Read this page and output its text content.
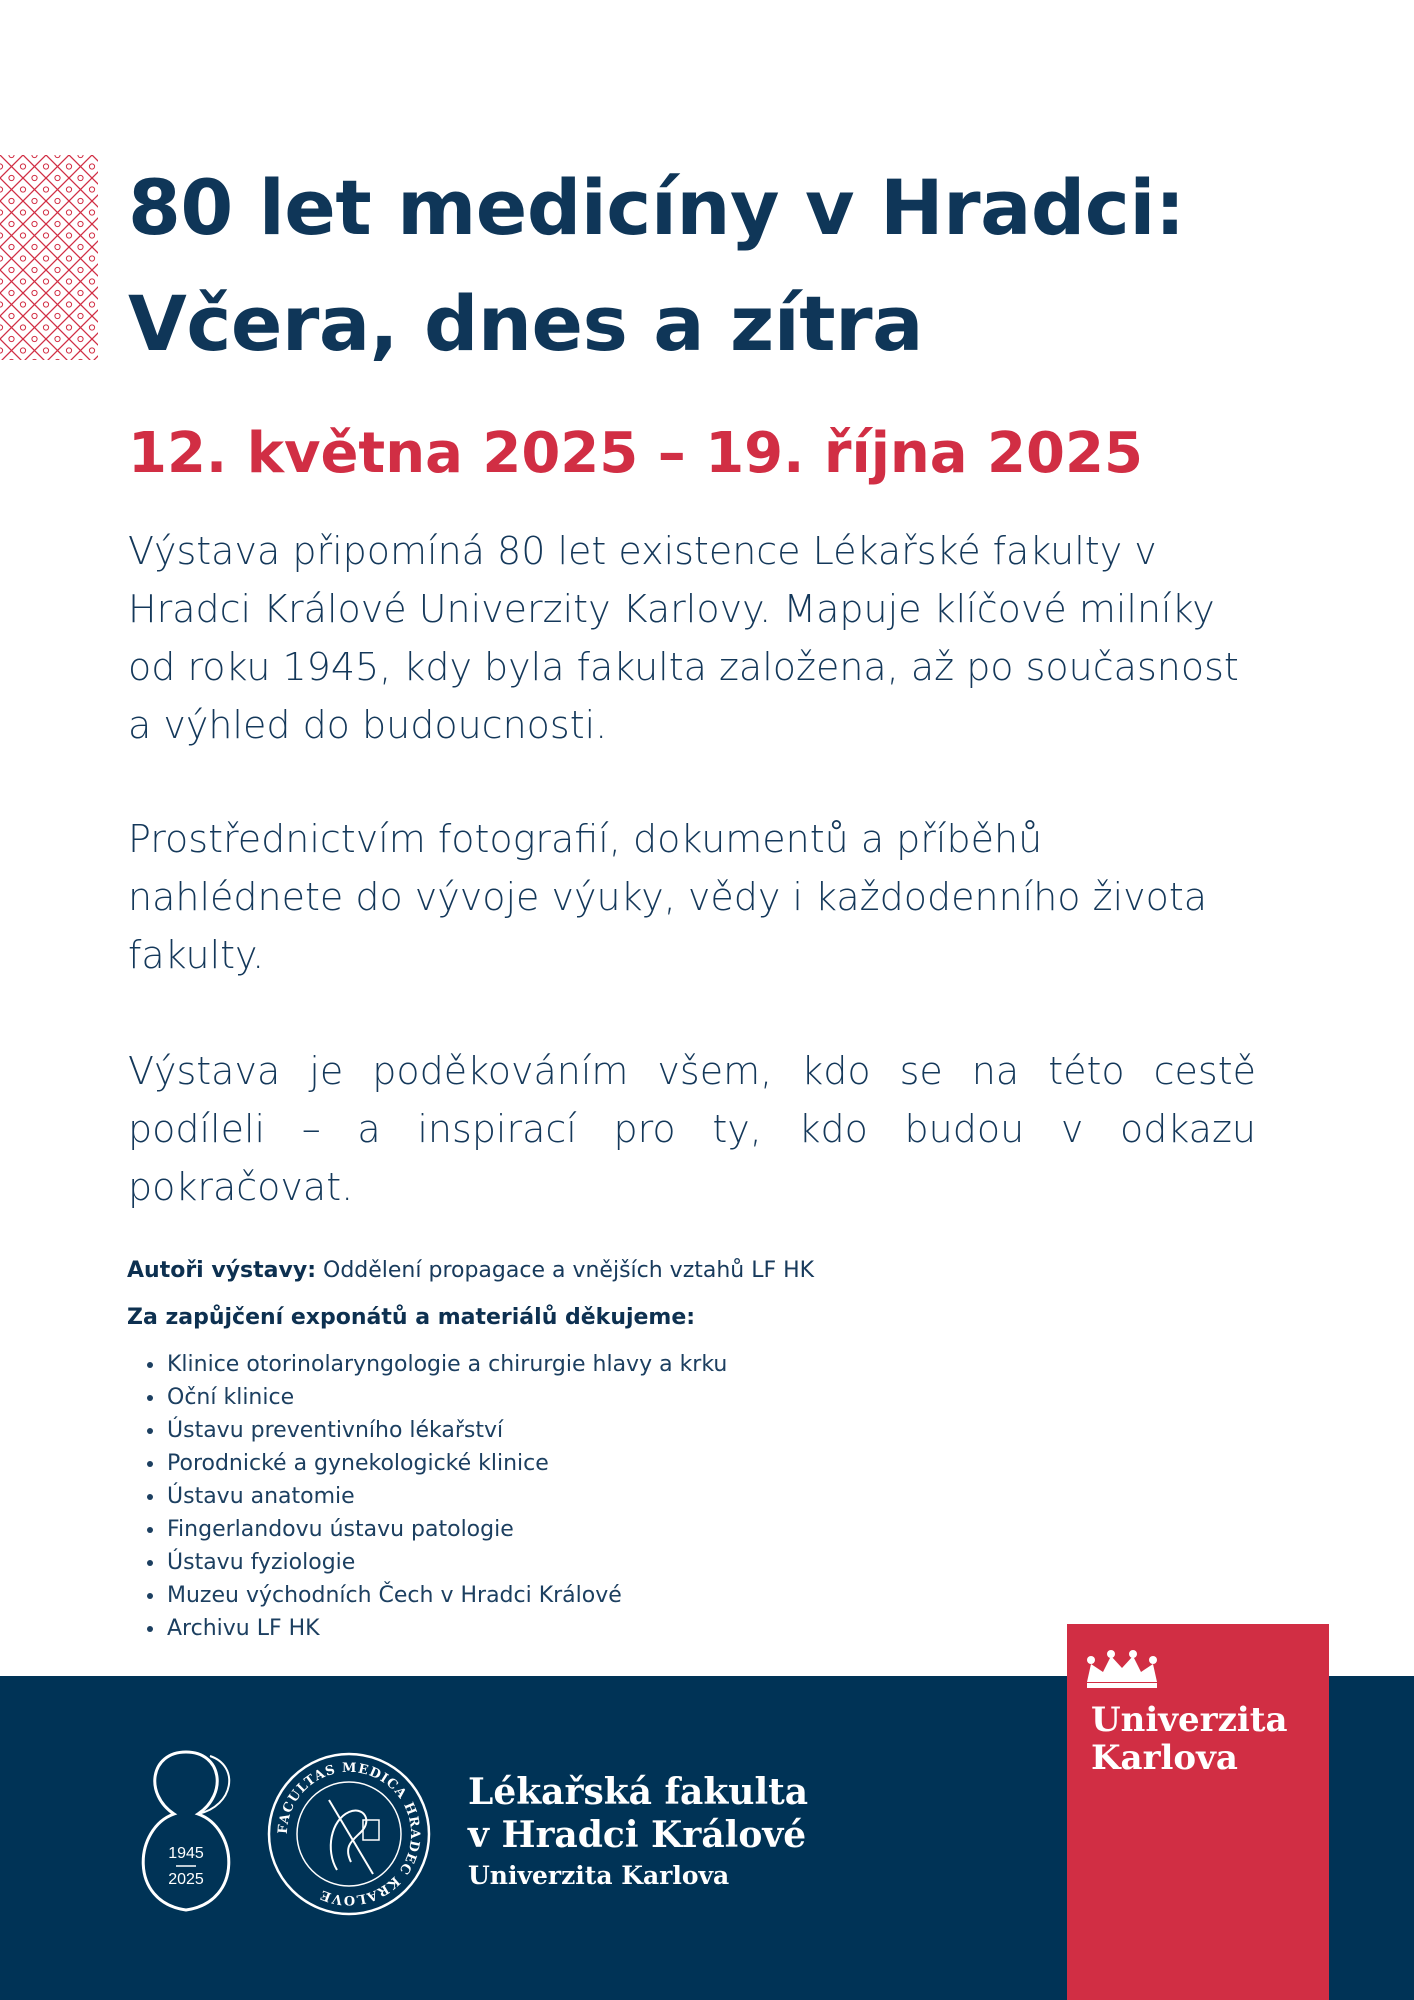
80 let medicíny v Hradci:
Včera, dnes a zítra

12. května 2025 – 19. října 2025

Výstava připomíná 80 let existence Lékařské fakulty v Hradci Králové Univerzity Karlovy. Mapuje klíčové milníky od roku 1945, kdy byla fakulta založena, až po současnost a výhled do budoucnosti.

Prostřednictvím fotografií, dokumentů a příběhů nahlédnete do vývoje výuky, vědy i každodenního života fakulty.

Výstava je poděkováním všem, kdo se na této cestě podíleli – a inspirací pro ty, kdo budou v odkazu pokračovat.

Autoři výstavy: Oddělení propagace a vnějších vztahů LF HK

Za zapůjčení exponátů a materiálů děkujeme:

Klinice otorinolaryngologie a chirurgie hlavy a krku
Oční klinice
Ústavu preventivního lékařství
Porodnické a gynekologické klinice
Ústavu anatomie
Fingerlandovu ústavu patologie
Ústavu fyziologie
Muzeu východních Čech v Hradci Králové
Archivu LF HK
1945
2025
FACULTAS MEDICA HRADEC KRALOVE

Lékařská fakulta

v Hradci Králové

Univerzita Karlova

Univerzita

Karlova
